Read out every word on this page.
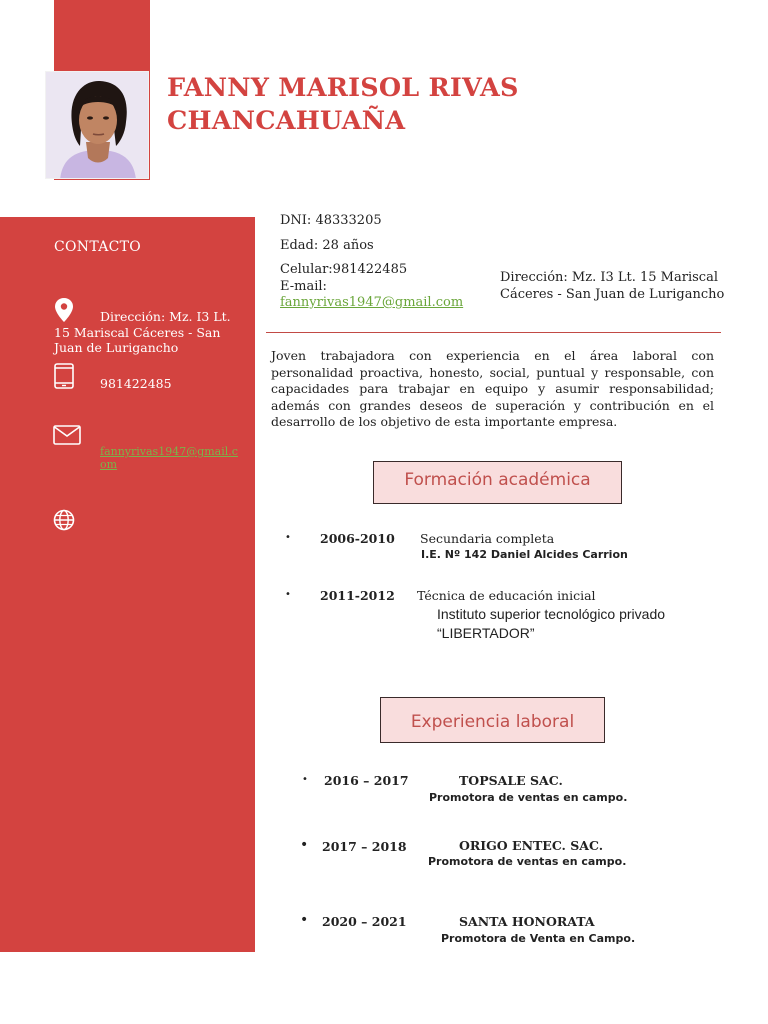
FANNY MARISOL RIVAS
CHANCAHUAÑA
CONTACTO
Dirección: Mz. I3 Lt. 15 Mariscal Cáceres - San Juan de Lurigancho
981422485
fannyrivas1947@gmail.com
DNI: 48333205
Edad: 28 años
Celular:981422485
E-mail:
fannyrivas1947@gmail.com
Dirección: Mz. I3 Lt. 15 Mariscal Cáceres - San Juan de Lurigancho
Joven trabajadora con experiencia en el área laboral con personalidad proactiva, honesto, social, puntual y responsable, con capacidades para trabajar en equipo y asumir responsabilidad; además con grandes deseos de superación y contribución en el desarrollo de los objetivo de esta importante empresa.
Formación académica
• 2006-2010 Secundaria completa
I.E. Nº 142 Daniel Alcides Carrion
• 2011-2012 Técnica de educación inicial
Instituto superior tecnológico privado
“LIBERTADOR”
Experiencia laboral
• 2016 – 2017	TOPSALE SAC.
Promotora de ventas en campo.
• 2017 – 2018	ORIGO ENTEC. SAC.
Promotora de ventas en campo.
• 2020 – 2021	SANTA HONORATA
Promotora de Venta en Campo.
